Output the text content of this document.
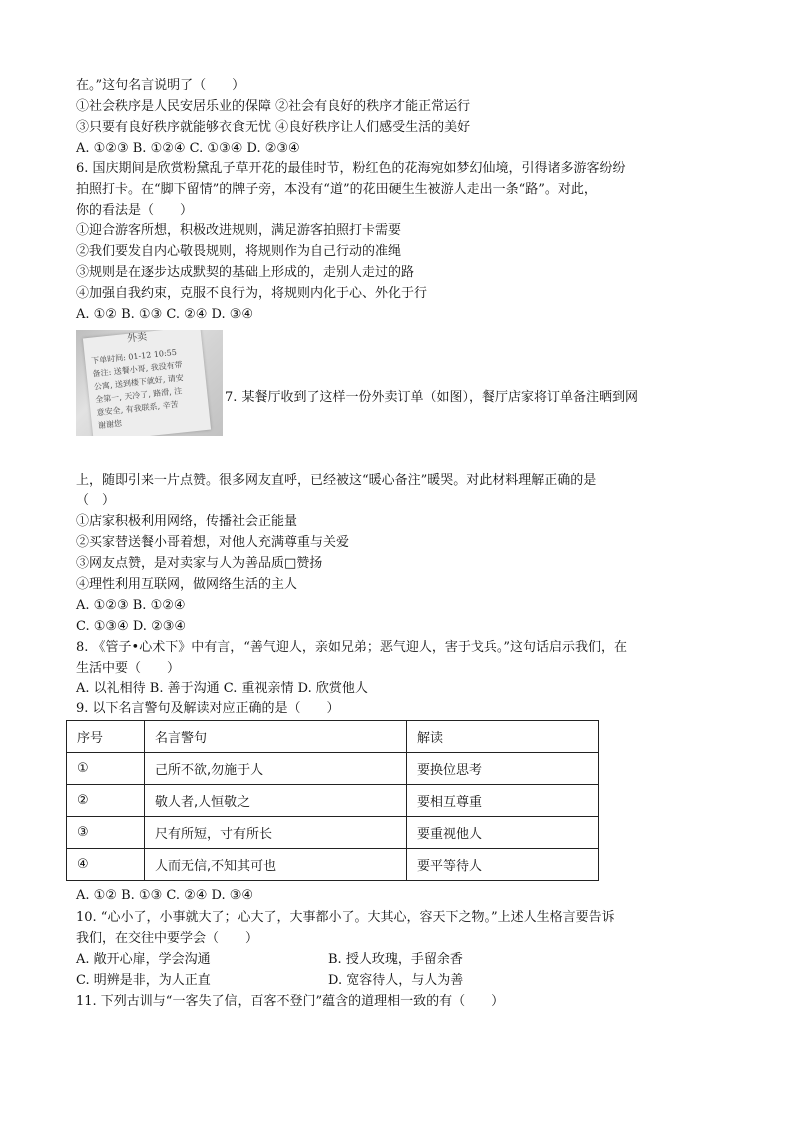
在。”这句名言说明了（　　）
①社会秩序是人民安居乐业的保障 ②社会有良好的秩序才能正常运行
③只要有良好秩序就能够衣食无忧 ④良好秩序让人们感受生活的美好
A. ①②③ B. ①②④ C. ①③④ D. ②③④
6. 国庆期间是欣赏粉黛乱子草开花的最佳时节，粉红色的花海宛如梦幻仙境，引得诸多游客纷纷
拍照打卡。在“脚下留情”的牌子旁，本没有“道”的花田硬生生被游人走出一条“路”。对此，
你的看法是（　　）
①迎合游客所想，积极改进规则，满足游客拍照打卡需要
②我们要发自内心敬畏规则，将规则作为自己行动的准绳
③规则是在逐步达成默契的基础上形成的，走别人走过的路
④加强自我约束，克服不良行为，将规则内化于心、外化于行
A. ①② B. ①③ C. ②④ D. ③④
外卖
下单时间: 01-12 10:55
备注: 送餐小哥, 我没有带
公寓, 送到楼下就好, 请安
全第一, 天冷了, 路滑, 注
意安全, 有我联系, 辛苦
谢谢您
7. 某餐厅收到了这样一份外卖订单（如图），餐厅店家将订单备注晒到网
上，随即引来一片点赞。很多网友直呼，已经被这“暖心备注”暖哭。对此材料理解正确的是
（　）
①店家积极利用网络，传播社会正能量
②买家替送餐小哥着想，对他人充满尊重与关爱
③网友点赞，是对卖家与人为善品质□赞扬
④理性利用互联网，做网络生活的主人
A. ①②③ B. ①②④
C. ①③④ D. ②③④
8. 《管子•心术下》中有言，“善气迎人，亲如兄弟；恶气迎人，害于戈兵。”这句话启示我们，在
生活中要（　　）
A. 以礼相待 B. 善于沟通 C. 重视亲情 D. 欣赏他人
9. 以下名言警句及解读对应正确的是（　　）
序号	名言警句	解读
①	己所不欲,勿施于人	要换位思考
②	敬人者,人恒敬之	要相互尊重
③	尺有所短，寸有所长	要重视他人
④	人而无信,不知其可也	要平等待人
A. ①② B. ①③ C. ②④ D. ③④
10. “心小了，小事就大了；心大了，大事都小了。大其心，容天下之物。”上述人生格言要告诉
我们，在交往中要学会（　　）
A. 敞开心扉，学会沟通	B. 授人玫瑰，手留余香
C. 明辨是非，为人正直	D. 宽容待人，与人为善
11. 下列古训与“一客失了信，百客不登门”蕴含的道理相一致的有（　　）
